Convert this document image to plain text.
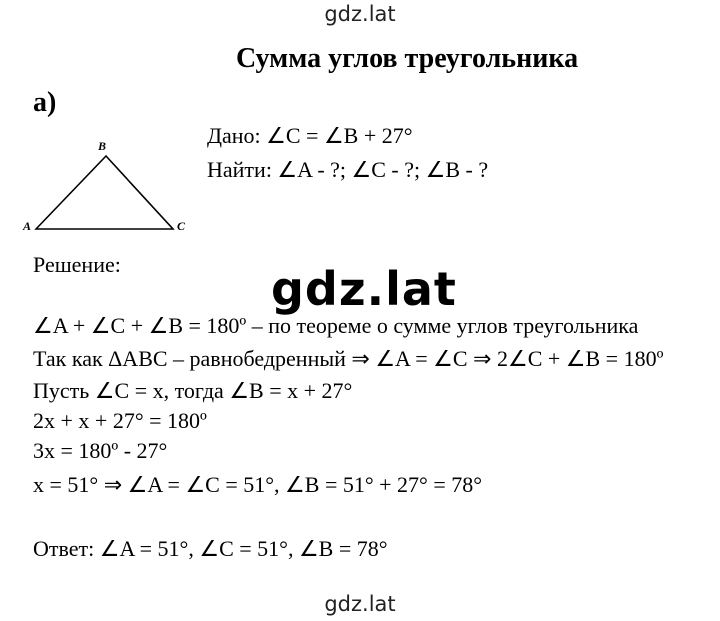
gdz.lat
Сумма углов треугольника
а)
B
A	C
Дано: ∠C = ∠B + 27°
Найти: ∠A - ?; ∠C - ?; ∠B - ?
Решение:	gdz.lat
∠A + ∠C + ∠B = 180º – по теореме о сумме углов треугольника
Так как ΔABC – равнобедренный ⇒ ∠A = ∠C ⇒ 2∠C + ∠B = 180º
Пусть ∠C = x, тогда ∠B = x + 27°
2x + x + 27° = 180º
3x = 180º - 27°
x = 51° ⇒ ∠A = ∠C = 51°, ∠B = 51° + 27° = 78°
Ответ: ∠A = 51°, ∠C = 51°, ∠B = 78°
gdz.lat
